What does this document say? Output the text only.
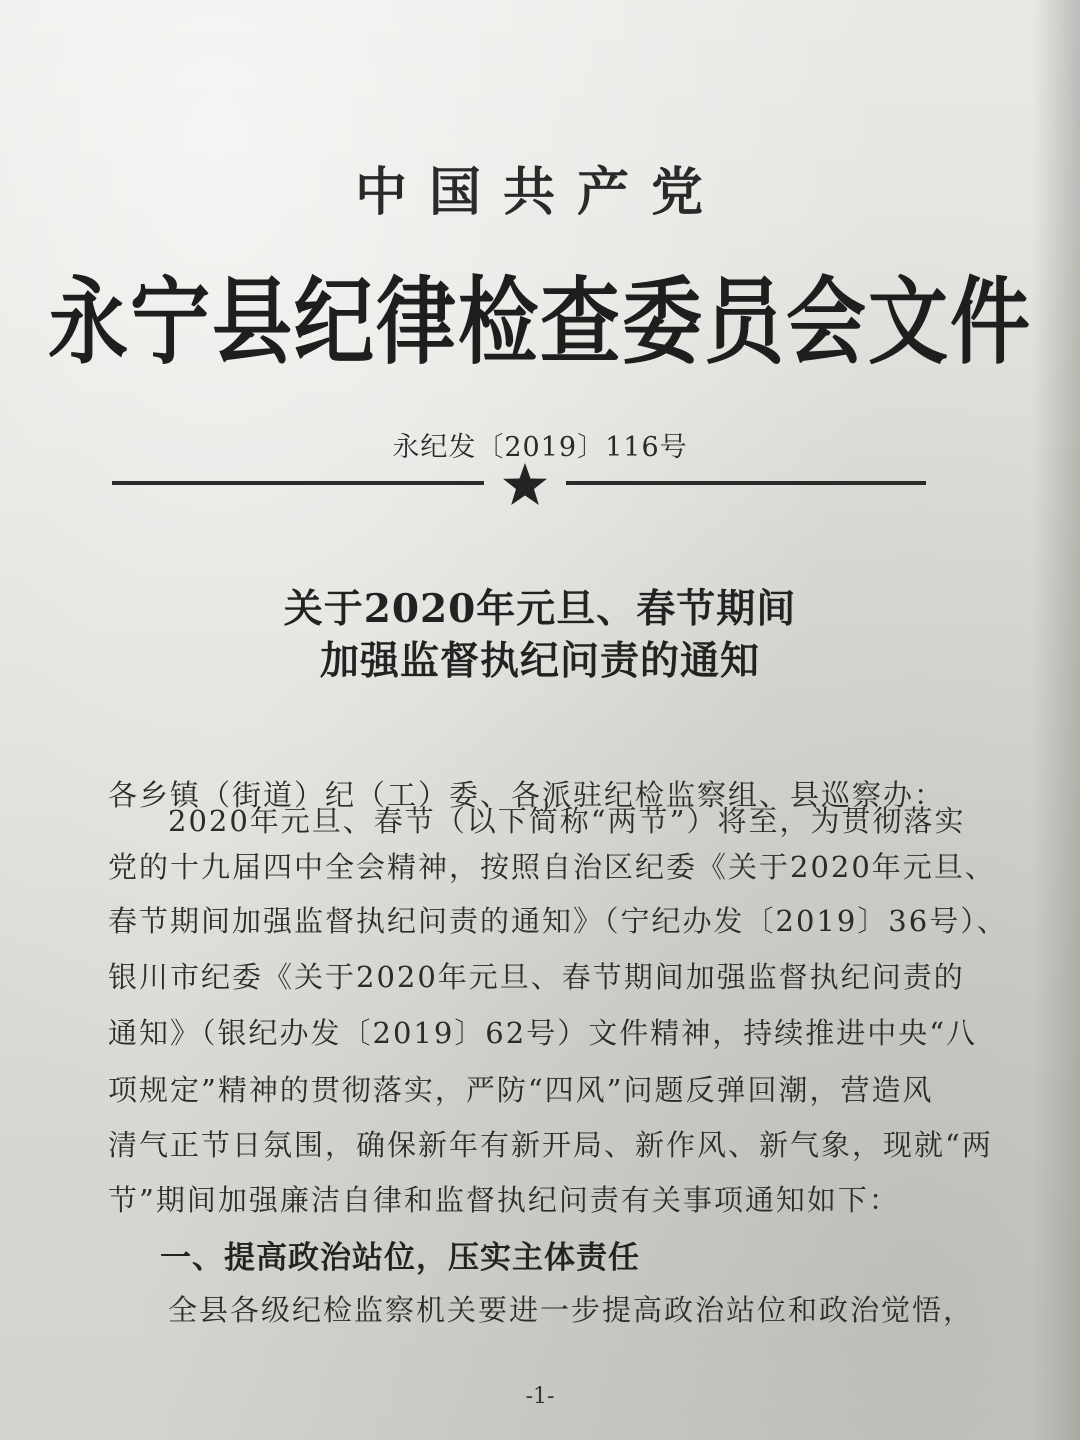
中国共产党
永宁县纪律检查委员会文件
永纪发〔2019〕116号
关于2020年元旦、春节期间
加强监督执纪问责的通知
各乡镇（街道）纪（工）委、各派驻纪检监察组、县巡察办：
2020年元旦、春节（以下简称“两节”）将至，为贯彻落实
党的十九届四中全会精神，按照自治区纪委《关于2020年元旦、
春节期间加强监督执纪问责的通知》（宁纪办发〔2019〕36号）、
银川市纪委《关于2020年元旦、春节期间加强监督执纪问责的
通知》（银纪办发〔2019〕62号）文件精神，持续推进中央“八
项规定”精神的贯彻落实，严防“四风”问题反弹回潮，营造风
清气正节日氛围，确保新年有新开局、新作风、新气象，现就“两
节”期间加强廉洁自律和监督执纪问责有关事项通知如下：
一、提高政治站位，压实主体责任
全县各级纪检监察机关要进一步提高政治站位和政治觉悟，
-1-
